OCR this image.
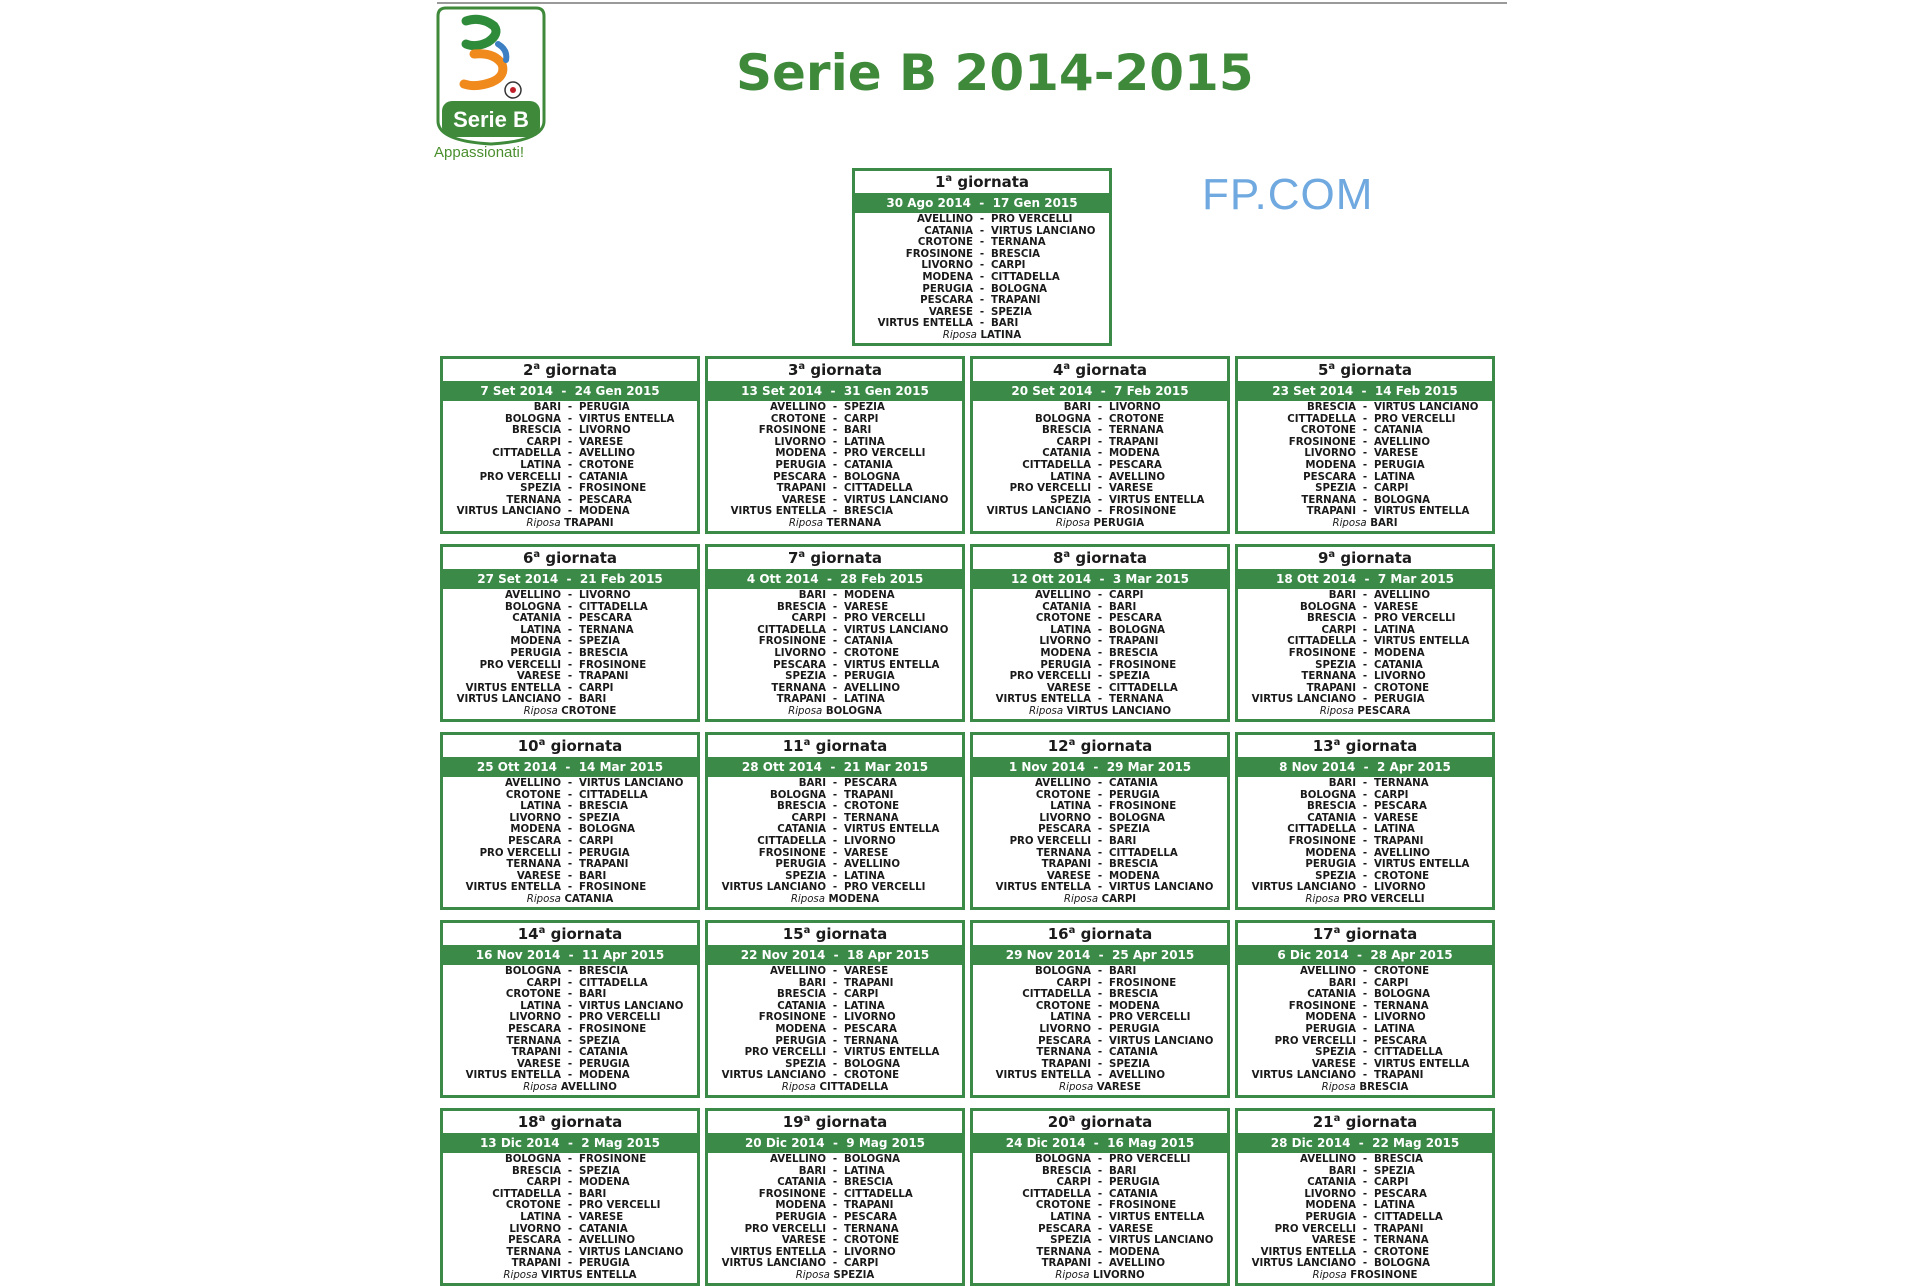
Serie B
Appassionati!
Serie B 2014-2015
FP.COM
1$^a$ giornata
30 Ago 2014  -  17 Gen 2015
AVELLINO - PRO VERCELLI
CATANIA - VIRTUS LANCIANO
CROTONE - TERNANA
FROSINONE - BRESCIA
LIVORNO - CARPI
MODENA - CITTADELLA
PERUGIA - BOLOGNA
PESCARA - TRAPANI
VARESE - SPEZIA
VIRTUS ENTELLA - BARI
Riposa LATINA
2$^a$ giornata
7 Set 2014  -  24 Gen 2015
BARI - PERUGIA
BOLOGNA - VIRTUS ENTELLA
BRESCIA - LIVORNO
CARPI - VARESE
CITTADELLA - AVELLINO
LATINA - CROTONE
PRO VERCELLI - CATANIA
SPEZIA - FROSINONE
TERNANA - PESCARA
VIRTUS LANCIANO - MODENA
Riposa TRAPANI
3$^a$ giornata
13 Set 2014  -  31 Gen 2015
AVELLINO - SPEZIA
CROTONE - CARPI
FROSINONE - BARI
LIVORNO - LATINA
MODENA - PRO VERCELLI
PERUGIA - CATANIA
PESCARA - BOLOGNA
TRAPANI - CITTADELLA
VARESE - VIRTUS LANCIANO
VIRTUS ENTELLA - BRESCIA
Riposa TERNANA
4$^a$ giornata
20 Set 2014  -  7 Feb 2015
BARI - LIVORNO
BOLOGNA - CROTONE
BRESCIA - TERNANA
CARPI - TRAPANI
CATANIA - MODENA
CITTADELLA - PESCARA
LATINA - AVELLINO
PRO VERCELLI - VARESE
SPEZIA - VIRTUS ENTELLA
VIRTUS LANCIANO - FROSINONE
Riposa PERUGIA
5$^a$ giornata
23 Set 2014  -  14 Feb 2015
BRESCIA - VIRTUS LANCIANO
CITTADELLA - PRO VERCELLI
CROTONE - CATANIA
FROSINONE - AVELLINO
LIVORNO - VARESE
MODENA - PERUGIA
PESCARA - LATINA
SPEZIA - CARPI
TERNANA - BOLOGNA
TRAPANI - VIRTUS ENTELLA
Riposa BARI
6$^a$ giornata
27 Set 2014  -  21 Feb 2015
AVELLINO - LIVORNO
BOLOGNA - CITTADELLA
CATANIA - PESCARA
LATINA - TERNANA
MODENA - SPEZIA
PERUGIA - BRESCIA
PRO VERCELLI - FROSINONE
VARESE - TRAPANI
VIRTUS ENTELLA - CARPI
VIRTUS LANCIANO - BARI
Riposa CROTONE
7$^a$ giornata
4 Ott 2014  -  28 Feb 2015
BARI - MODENA
BRESCIA - VARESE
CARPI - PRO VERCELLI
CITTADELLA - VIRTUS LANCIANO
FROSINONE - CATANIA
LIVORNO - CROTONE
PESCARA - VIRTUS ENTELLA
SPEZIA - PERUGIA
TERNANA - AVELLINO
TRAPANI - LATINA
Riposa BOLOGNA
8$^a$ giornata
12 Ott 2014  -  3 Mar 2015
AVELLINO - CARPI
CATANIA - BARI
CROTONE - PESCARA
LATINA - BOLOGNA
LIVORNO - TRAPANI
MODENA - BRESCIA
PERUGIA - FROSINONE
PRO VERCELLI - SPEZIA
VARESE - CITTADELLA
VIRTUS ENTELLA - TERNANA
Riposa VIRTUS LANCIANO
9$^a$ giornata
18 Ott 2014  -  7 Mar 2015
BARI - AVELLINO
BOLOGNA - VARESE
BRESCIA - PRO VERCELLI
CARPI - LATINA
CITTADELLA - VIRTUS ENTELLA
FROSINONE - MODENA
SPEZIA - CATANIA
TERNANA - LIVORNO
TRAPANI - CROTONE
VIRTUS LANCIANO - PERUGIA
Riposa PESCARA
10$^a$ giornata
25 Ott 2014  -  14 Mar 2015
AVELLINO - VIRTUS LANCIANO
CROTONE - CITTADELLA
LATINA - BRESCIA
LIVORNO - SPEZIA
MODENA - BOLOGNA
PESCARA - CARPI
PRO VERCELLI - PERUGIA
TERNANA - TRAPANI
VARESE - BARI
VIRTUS ENTELLA - FROSINONE
Riposa CATANIA
11$^a$ giornata
28 Ott 2014  -  21 Mar 2015
BARI - PESCARA
BOLOGNA - TRAPANI
BRESCIA - CROTONE
CARPI - TERNANA
CATANIA - VIRTUS ENTELLA
CITTADELLA - LIVORNO
FROSINONE - VARESE
PERUGIA - AVELLINO
SPEZIA - LATINA
VIRTUS LANCIANO - PRO VERCELLI
Riposa MODENA
12$^a$ giornata
1 Nov 2014  -  29 Mar 2015
AVELLINO - CATANIA
CROTONE - PERUGIA
LATINA - FROSINONE
LIVORNO - BOLOGNA
PESCARA - SPEZIA
PRO VERCELLI - BARI
TERNANA - CITTADELLA
TRAPANI - BRESCIA
VARESE - MODENA
VIRTUS ENTELLA - VIRTUS LANCIANO
Riposa CARPI
13$^a$ giornata
8 Nov 2014  -  2 Apr 2015
BARI - TERNANA
BOLOGNA - CARPI
BRESCIA - PESCARA
CATANIA - VARESE
CITTADELLA - LATINA
FROSINONE - TRAPANI
MODENA - AVELLINO
PERUGIA - VIRTUS ENTELLA
SPEZIA - CROTONE
VIRTUS LANCIANO - LIVORNO
Riposa PRO VERCELLI
14$^a$ giornata
16 Nov 2014  -  11 Apr 2015
BOLOGNA - BRESCIA
CARPI - CITTADELLA
CROTONE - BARI
LATINA - VIRTUS LANCIANO
LIVORNO - PRO VERCELLI
PESCARA - FROSINONE
TERNANA - SPEZIA
TRAPANI - CATANIA
VARESE - PERUGIA
VIRTUS ENTELLA - MODENA
Riposa AVELLINO
15$^a$ giornata
22 Nov 2014  -  18 Apr 2015
AVELLINO - VARESE
BARI - TRAPANI
BRESCIA - CARPI
CATANIA - LATINA
FROSINONE - LIVORNO
MODENA - PESCARA
PERUGIA - TERNANA
PRO VERCELLI - VIRTUS ENTELLA
SPEZIA - BOLOGNA
VIRTUS LANCIANO - CROTONE
Riposa CITTADELLA
16$^a$ giornata
29 Nov 2014  -  25 Apr 2015
BOLOGNA - BARI
CARPI - FROSINONE
CITTADELLA - BRESCIA
CROTONE - MODENA
LATINA - PRO VERCELLI
LIVORNO - PERUGIA
PESCARA - VIRTUS LANCIANO
TERNANA - CATANIA
TRAPANI - SPEZIA
VIRTUS ENTELLA - AVELLINO
Riposa VARESE
17$^a$ giornata
6 Dic 2014  -  28 Apr 2015
AVELLINO - CROTONE
BARI - CARPI
CATANIA - BOLOGNA
FROSINONE - TERNANA
MODENA - LIVORNO
PERUGIA - LATINA
PRO VERCELLI - PESCARA
SPEZIA - CITTADELLA
VARESE - VIRTUS ENTELLA
VIRTUS LANCIANO - TRAPANI
Riposa BRESCIA
18$^a$ giornata
13 Dic 2014  -  2 Mag 2015
BOLOGNA - FROSINONE
BRESCIA - SPEZIA
CARPI - MODENA
CITTADELLA - BARI
CROTONE - PRO VERCELLI
LATINA - VARESE
LIVORNO - CATANIA
PESCARA - AVELLINO
TERNANA - VIRTUS LANCIANO
TRAPANI - PERUGIA
Riposa VIRTUS ENTELLA
19$^a$ giornata
20 Dic 2014  -  9 Mag 2015
AVELLINO - BOLOGNA
BARI - LATINA
CATANIA - BRESCIA
FROSINONE - CITTADELLA
MODENA - TRAPANI
PERUGIA - PESCARA
PRO VERCELLI - TERNANA
VARESE - CROTONE
VIRTUS ENTELLA - LIVORNO
VIRTUS LANCIANO - CARPI
Riposa SPEZIA
20$^a$ giornata
24 Dic 2014  -  16 Mag 2015
BOLOGNA - PRO VERCELLI
BRESCIA - BARI
CARPI - PERUGIA
CITTADELLA - CATANIA
CROTONE - FROSINONE
LATINA - VIRTUS ENTELLA
PESCARA - VARESE
SPEZIA - VIRTUS LANCIANO
TERNANA - MODENA
TRAPANI - AVELLINO
Riposa LIVORNO
21$^a$ giornata
28 Dic 2014  -  22 Mag 2015
AVELLINO - BRESCIA
BARI - SPEZIA
CATANIA - CARPI
LIVORNO - PESCARA
MODENA - LATINA
PERUGIA - CITTADELLA
PRO VERCELLI - TRAPANI
VARESE - TERNANA
VIRTUS ENTELLA - CROTONE
VIRTUS LANCIANO - BOLOGNA
Riposa FROSINONE
